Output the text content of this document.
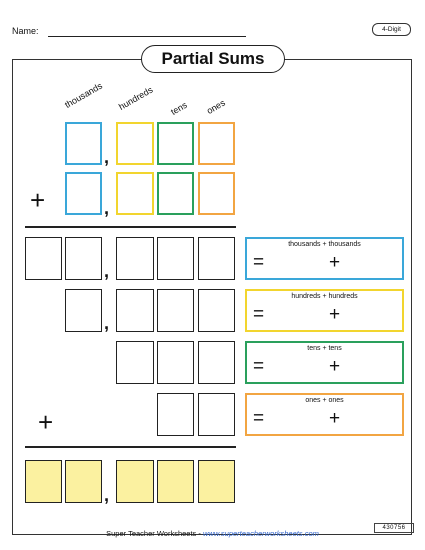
Name:	4-Digit
Partial Sums
thousands hundreds tens ones
,
+	,
,
,
+
,
thousands + thousands
=	+
hundreds + hundreds
=	+
tens + tens
=	+
ones + ones
=	+
Super Teacher Worksheets - www.superteacherworksheets.com
430756
